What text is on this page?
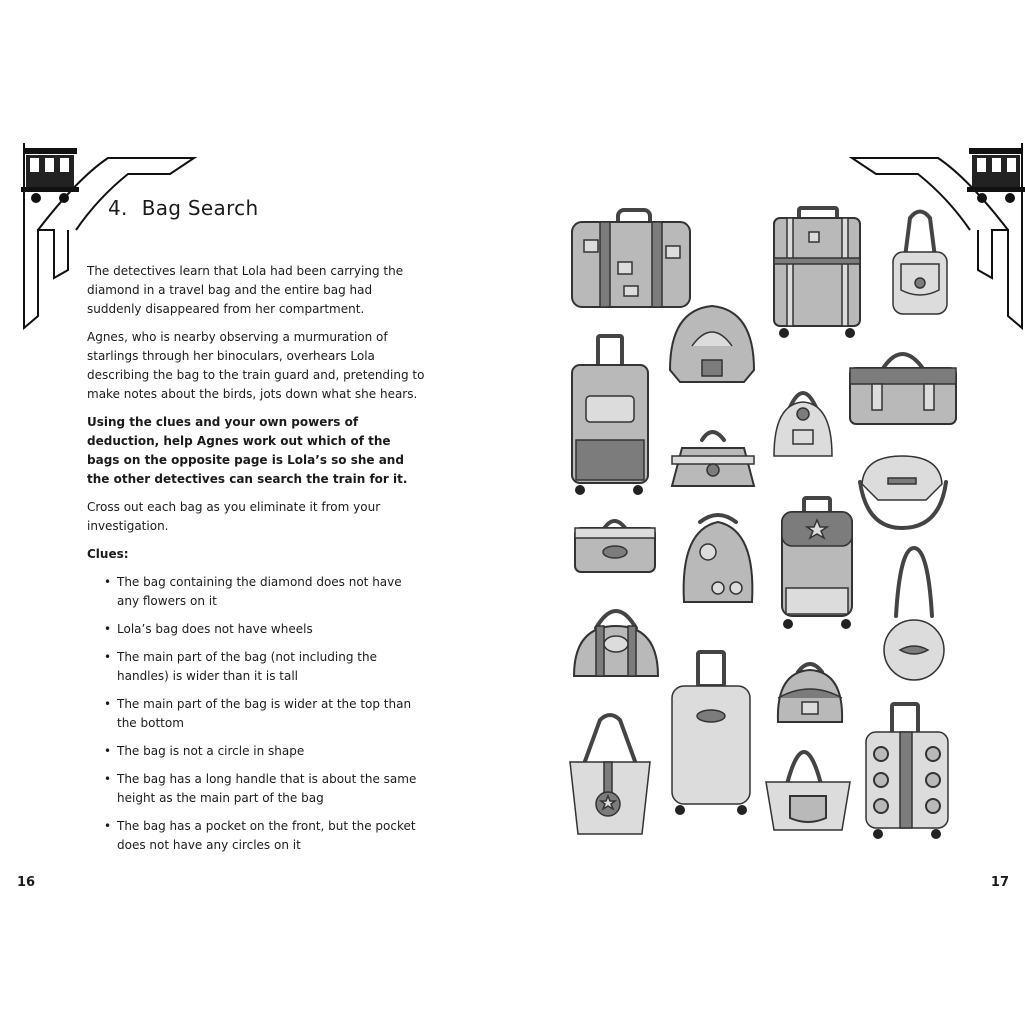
4. Bag Search

The detectives learn that Lola had been carrying the diamond in a travel bag and the entire bag had suddenly disappeared from her compartment.

Agnes, who is nearby observing a murmuration of starlings through her binoculars, overhears Lola describing the bag to the train guard and, pretending to make notes about the birds, jots down what she hears.

Using the clues and your own powers of deduction, help Agnes work out which of the bags on the opposite page is Lola’s so she and the other detectives can search the train for it.

Cross out each bag as you eliminate it from your investigation.

Clues:

• The bag containing the diamond does not have any flowers on it
• Lola’s bag does not have wheels
• The main part of the bag (not including the handles) is wider than it is tall
• The main part of the bag is wider at the top than the bottom
• The bag is not a circle in shape
• The bag has a long handle that is about the same height as the main part of the bag
• The bag has a pocket on the front, but the pocket does not have any circles on it
16	17
